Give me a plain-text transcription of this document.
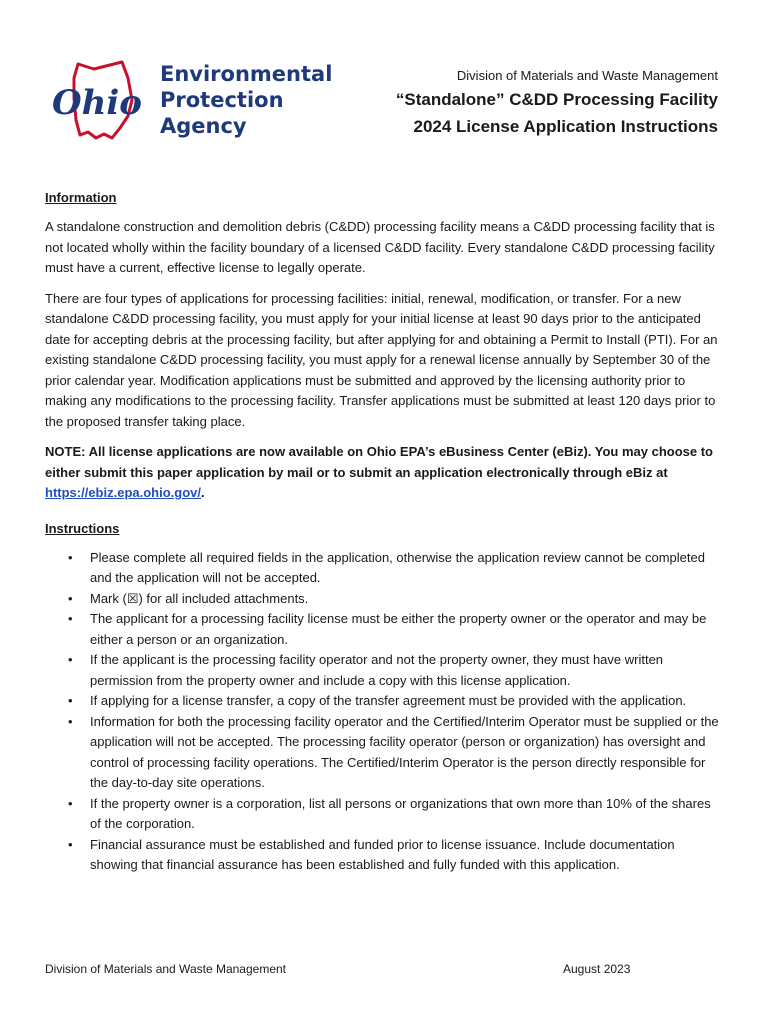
Ohio
Environmental
Protection
Agency
Division of Materials and Waste Management
“Standalone” C&DD Processing Facility
2024 License Application Instructions
Information

A standalone construction and demolition debris (C&DD) processing facility means a C&DD processing facility that is not located wholly within the facility boundary of a licensed C&DD facility. Every standalone C&DD processing facility must have a current, effective license to legally operate.

There are four types of applications for processing facilities: initial, renewal, modification, or transfer. For a new standalone C&DD processing facility, you must apply for your initial license at least 90 days prior to the anticipated date for accepting debris at the processing facility, but after applying for and obtaining a Permit to Install (PTI). For an existing standalone C&DD processing facility, you must apply for a renewal license annually by September 30 of the prior calendar year. Modification applications must be submitted and approved by the licensing authority prior to making any modifications to the processing facility. Transfer applications must be submitted at least 120 days prior to the proposed transfer taking place.

NOTE: All license applications are now available on Ohio EPA’s eBusiness Center (eBiz). You may choose to either submit this paper application by mail or to submit an application electronically through eBiz at https://ebiz.epa.ohio.gov/.

Instructions
• Please complete all required fields in the application, otherwise the application review cannot be completed and the application will not be accepted.
• Mark (☒) for all included attachments.
• The applicant for a processing facility license must be either the property owner or the operator and may be either a person or an organization.
• If the applicant is the processing facility operator and not the property owner, they must have written permission from the property owner and include a copy with this license application.
• If applying for a license transfer, a copy of the transfer agreement must be provided with the application.
• Information for both the processing facility operator and the Certified/Interim Operator must be supplied or the application will not be accepted. The processing facility operator (person or organization) has oversight and control of processing facility operations. The Certified/Interim Operator is the person directly responsible for the day-to-day site operations.
• If the property owner is a corporation, list all persons or organizations that own more than 10% of the shares of the corporation.
• Financial assurance must be established and funded prior to license issuance. Include documentation showing that financial assurance has been established and fully funded with this application.
Division of Materials and Waste Management	August 2023
